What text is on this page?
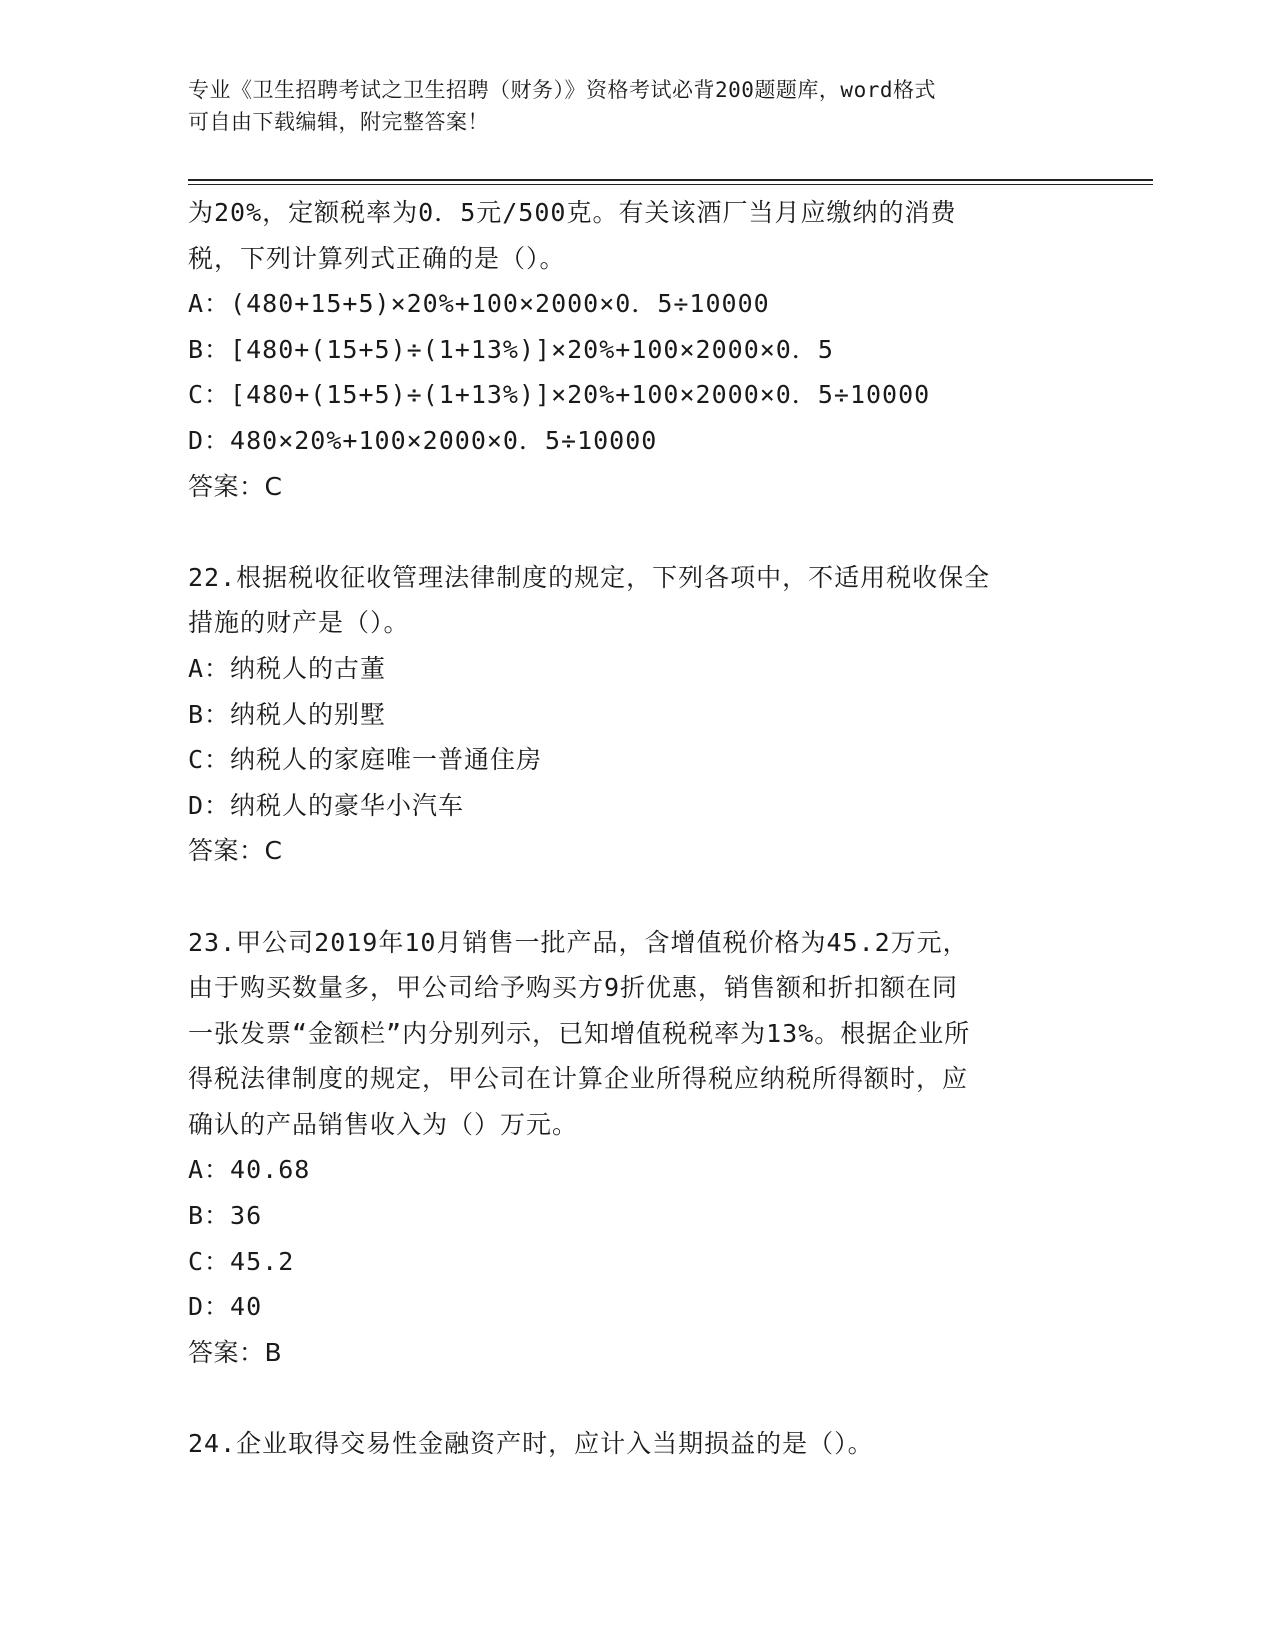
专业《卫生招聘考试之卫生招聘（财务）》资格考试必背200题题库，word格式
可自由下载编辑，附完整答案！
为20%，定额税率为0．5元/500克。有关该酒厂当月应缴纳的消费
税，下列计算列式正确的是（）。
A：(480+15+5)×20%+100×2000×0．5÷10000
B：[480+(15+5)÷(1+13%)]×20%+100×2000×0．5
C：[480+(15+5)÷(1+13%)]×20%+100×2000×0．5÷10000
D：480×20%+100×2000×0．5÷10000
答案：C
22.根据税收征收管理法律制度的规定，下列各项中，不适用税收保全
措施的财产是（）。
A：纳税人的古董
B：纳税人的别墅
C：纳税人的家庭唯一普通住房
D：纳税人的豪华小汽车
答案：C
23.甲公司2019年10月销售一批产品，含增值税价格为45.2万元，
由于购买数量多，甲公司给予购买方9折优惠，销售额和折扣额在同
一张发票“金额栏”内分别列示，已知增值税税率为13%。根据企业所
得税法律制度的规定，甲公司在计算企业所得税应纳税所得额时，应
确认的产品销售收入为（）万元。
A：40.68
B：36
C：45.2
D：40
答案：B
24.企业取得交易性金融资产时，应计入当期损益的是（）。
